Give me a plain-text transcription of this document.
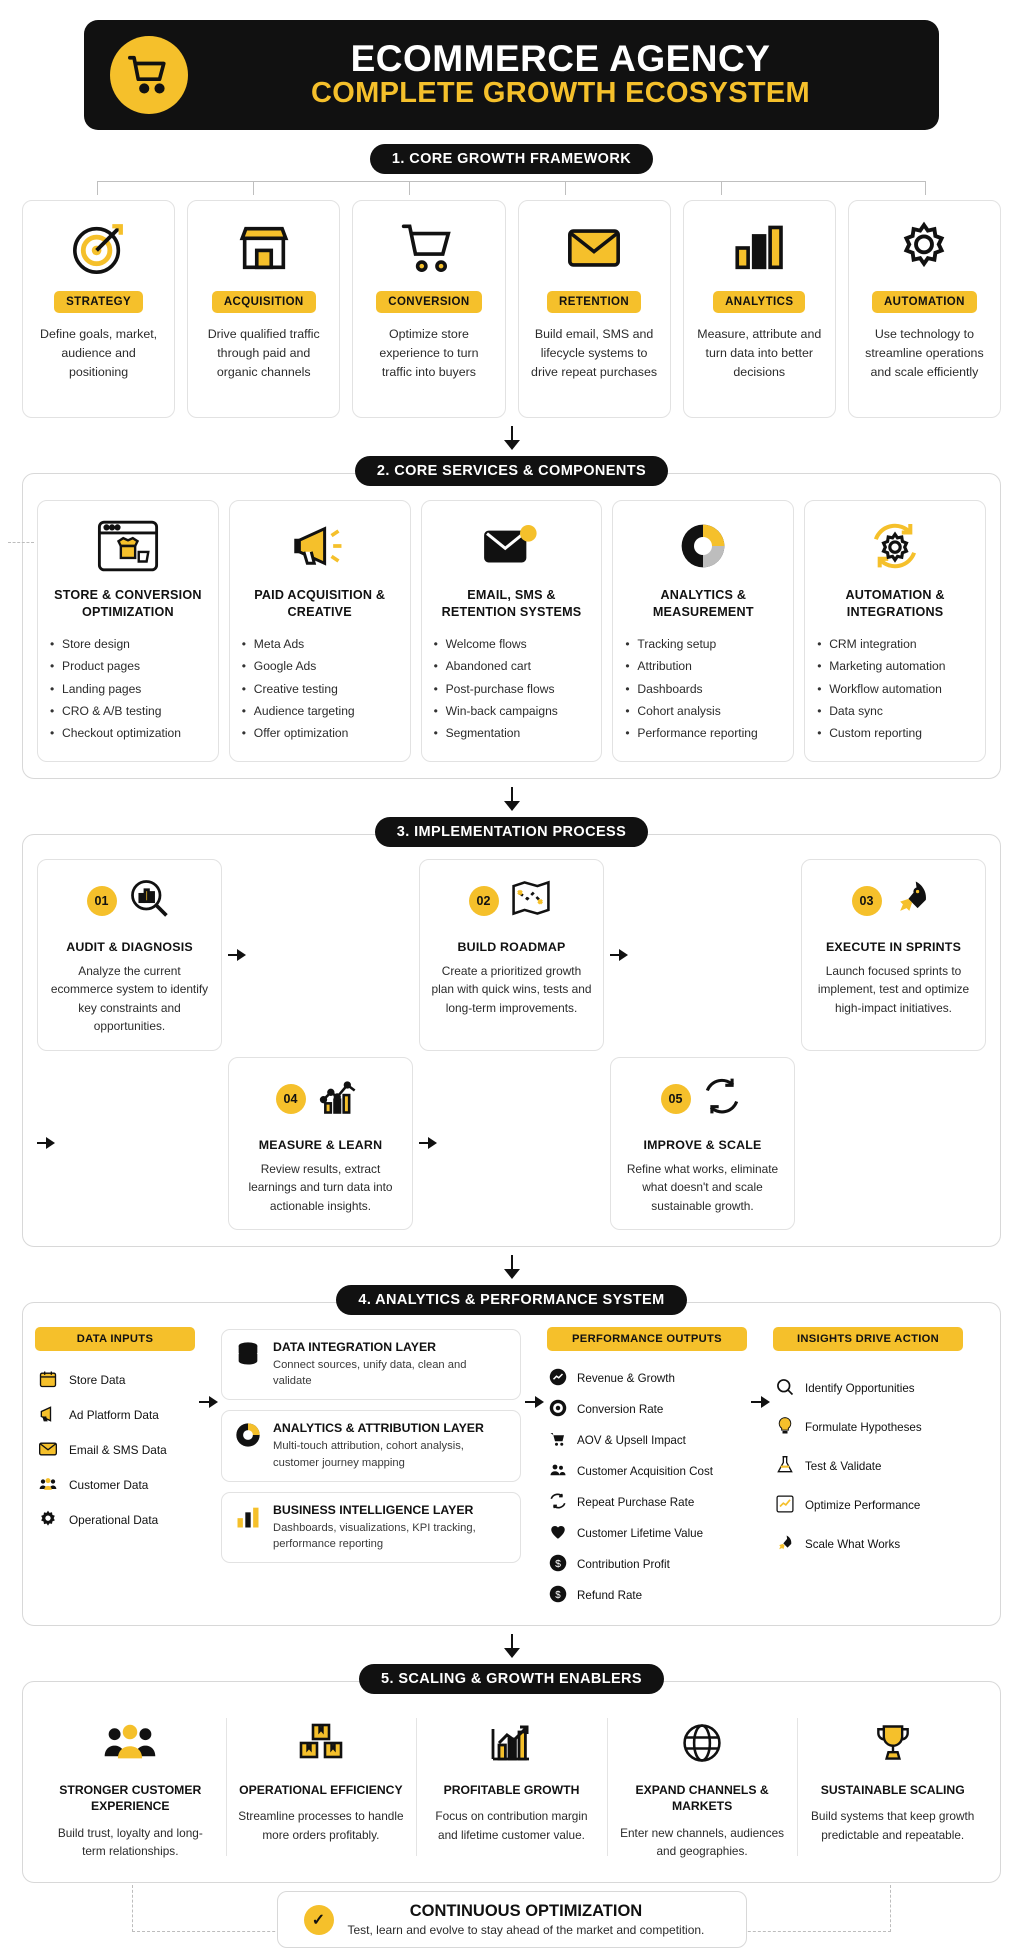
ECOMMERCE AGENCY
COMPLETE GROWTH ECOSYSTEM
1. CORE GROWTH FRAMEWORK
STRATEGY
Define goals, market, audience and positioning
ACQUISITION
Drive qualified traffic through paid and organic channels
CONVERSION
Optimize store experience to turn traffic into buyers
RETENTION
Build email, SMS and lifecycle systems to drive repeat purchases
ANALYTICS
Measure, attribute and turn data into better decisions
AUTOMATION
Use technology to streamline operations and scale efficiently
2. CORE SERVICES & COMPONENTS
STORE & CONVERSION OPTIMIZATION
• Store design
• Product pages
• Landing pages
• CRO & A/B testing
• Checkout optimization
PAID ACQUISITION & CREATIVE
• Meta Ads
• Google Ads
• Creative testing
• Audience targeting
• Offer optimization
EMAIL, SMS & RETENTION SYSTEMS
• Welcome flows
• Abandoned cart
• Post-purchase flows
• Win-back campaigns
• Segmentation
ANALYTICS & MEASUREMENT
• Tracking setup
• Attribution
• Dashboards
• Cohort analysis
• Performance reporting
AUTOMATION & INTEGRATIONS
• CRM integration
• Marketing automation
• Workflow automation
• Data sync
• Custom reporting
3. IMPLEMENTATION PROCESS
01
AUDIT & DIAGNOSIS
Analyze the current ecommerce system to identify key constraints and opportunities.
02
BUILD ROADMAP
Create a prioritized growth plan with quick wins, tests and long-term improvements.
03
EXECUTE IN SPRINTS
Launch focused sprints to implement, test and optimize high-impact initiatives.
04
MEASURE & LEARN
Review results, extract learnings and turn data into actionable insights.
05
IMPROVE & SCALE
Refine what works, eliminate what doesn't and scale sustainable growth.
4. ANALYTICS & PERFORMANCE SYSTEM
DATA INPUTS
Store Data
Ad Platform Data
Email & SMS Data
Customer Data
Operational Data
DATA INTEGRATION LAYER
Connect sources, unify data, clean and validate
ANALYTICS & ATTRIBUTION LAYER
Multi-touch attribution, cohort analysis, customer journey mapping
BUSINESS INTELLIGENCE LAYER
Dashboards, visualizations, KPI tracking, performance reporting
PERFORMANCE OUTPUTS
Revenue & Growth
Conversion Rate
AOV & Upsell Impact
Customer Acquisition Cost
Repeat Purchase Rate
Customer Lifetime Value
$ Contribution Profit
$ Refund Rate
INSIGHTS DRIVE ACTION
Identify Opportunities
Formulate Hypotheses
Test & Validate
Optimize Performance
Scale What Works
5. SCALING & GROWTH ENABLERS
STRONGER CUSTOMER EXPERIENCE
Build trust, loyalty and long-term relationships.
OPERATIONAL EFFICIENCY
Streamline processes to handle more orders profitably.
PROFITABLE GROWTH
Focus on contribution margin and lifetime customer value.
EXPAND CHANNELS & MARKETS
Enter new channels, audiences and geographies.
SUSTAINABLE SCALING
Build systems that keep growth predictable and repeatable.
✓	CONTINUOUS OPTIMIZATION
Test, learn and evolve to stay ahead of the market and competition.
